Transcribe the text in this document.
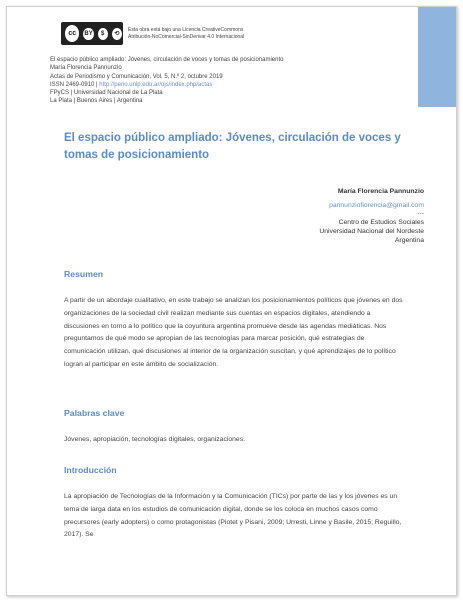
cc	BY	$	⟲
Esta obra está bajo una Licencia CreativeCommons
Atribución-NoComercial-SinDerivar 4.0 Internacional
El espacio público ampliado: Jóvenes, circulación de voces y tomas de posicionamiento
María Florencia Pannunzio
Actas de Periodismo y Comunicación, Vol. 5, N.º 2, octubre 2019
ISSN 2469-0910 | http://perio.unlp.edu.ar/ojs/index.php/actas
FPyCS | Universidad Nacional de La Plata
La Plata | Buenos Aires | Argentina
El espacio público ampliado: Jóvenes, circulación de voces y tomas de posicionamiento
María Florencia Pannunzio
pannunziofiorencia@gmail.com
---
Centro de Estudios Sociales
Universidad Nacional del Nordeste
Argentina
Resumen

A partir de un abordaje cualitativo, en este trabajo se analizan los posicionamientos políticos que jóvenes en dos organizaciones de la sociedad civil realizan mediante sus cuentas en espacios digitales, atendiendo a discusiones en torno a lo político que la coyuntura argentina promueve desde las agendas mediáticas. Nos preguntamos de qué modo se apropian de las tecnologías para marcar posición, qué estrategias de comunicación utilizan, qué discusiones al interior de la organización suscitan, y qué aprendizajes de lo político logran al participar en este ámbito de socialización.

Palabras clave

Jóvenes, apropiación, tecnologías digitales, organizaciones.

Introducción

La apropiación de Tecnologías de la Información y la Comunicación (TICs) por parte de las y los jóvenes es un tema de larga data en los estudios de comunicación digital, donde se los coloca en muchos casos como precursores (early adopters) o como protagonistas (Piotet y Pisani, 2009; Urresti, Linne y Basile, 2015; Reguillo, 2017). Se
